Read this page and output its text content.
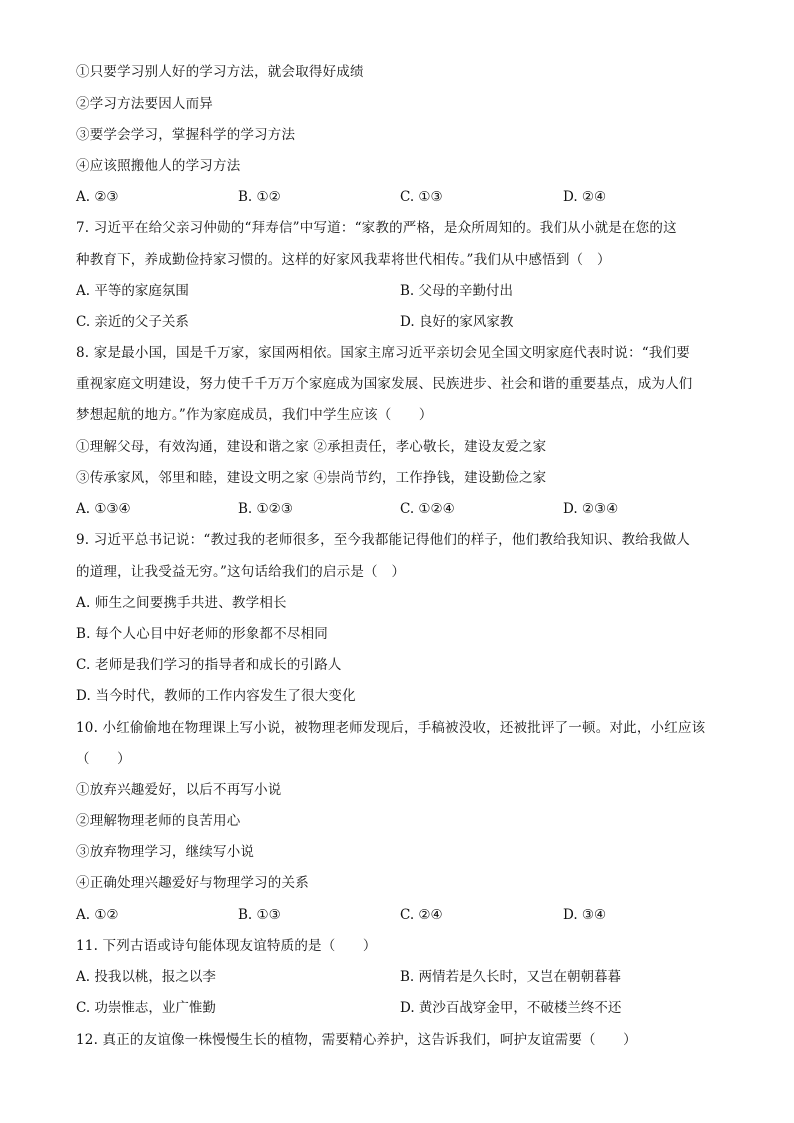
①只要学习别人好的学习方法，就会取得好成绩
②学习方法要因人而异
③要学会学习，掌握科学的学习方法
④应该照搬他人的学习方法
A. ②③	B. ①②	C. ①③	D. ②④
7. 习近平在给父亲习仲勋的“拜寿信”中写道：“家教的严格，是众所周知的。我们从小就是在您的这
种教育下，养成勤俭持家习惯的。这样的好家风我辈将世代相传。”我们从中感悟到（　）
A. 平等的家庭氛围	B. 父母的辛勤付出
C. 亲近的父子关系	D. 良好的家风家教
8. 家是最小国，国是千万家，家国两相依。国家主席习近平亲切会见全国文明家庭代表时说：“我们要
重视家庭文明建设，努力使千千万万个家庭成为国家发展、民族进步、社会和谐的重要基点，成为人们
梦想起航的地方。”作为家庭成员，我们中学生应该（　　）
①理解父母，有效沟通，建设和谐之家 ②承担责任，孝心敬长，建设友爱之家
③传承家风，邻里和睦，建设文明之家 ④崇尚节约，工作挣钱，建设勤俭之家
A. ①③④	B. ①②③	C. ①②④	D. ②③④
9. 习近平总书记说：“教过我的老师很多，至今我都能记得他们的样子，他们教给我知识、教给我做人
的道理，让我受益无穷。”这句话给我们的启示是（　）
A. 师生之间要携手共进、教学相长
B. 每个人心目中好老师的形象都不尽相同
C. 老师是我们学习的指导者和成长的引路人
D. 当今时代，教师的工作内容发生了很大变化
10. 小红偷偷地在物理课上写小说，被物理老师发现后，手稿被没收，还被批评了一顿。对此，小红应该
（　　）
①放弃兴趣爱好，以后不再写小说
②理解物理老师的良苦用心
③放弃物理学习，继续写小说
④正确处理兴趣爱好与物理学习的关系
A. ①②	B. ①③	C. ②④	D. ③④
11. 下列古语或诗句能体现友谊特质的是（　　）
A. 投我以桃，报之以李	B. 两情若是久长时，又岂在朝朝暮暮
C. 功崇惟志，业广惟勤	D. 黄沙百战穿金甲，不破楼兰终不还
12. 真正的友谊像一株慢慢生长的植物，需要精心养护，这告诉我们，呵护友谊需要（　　）
